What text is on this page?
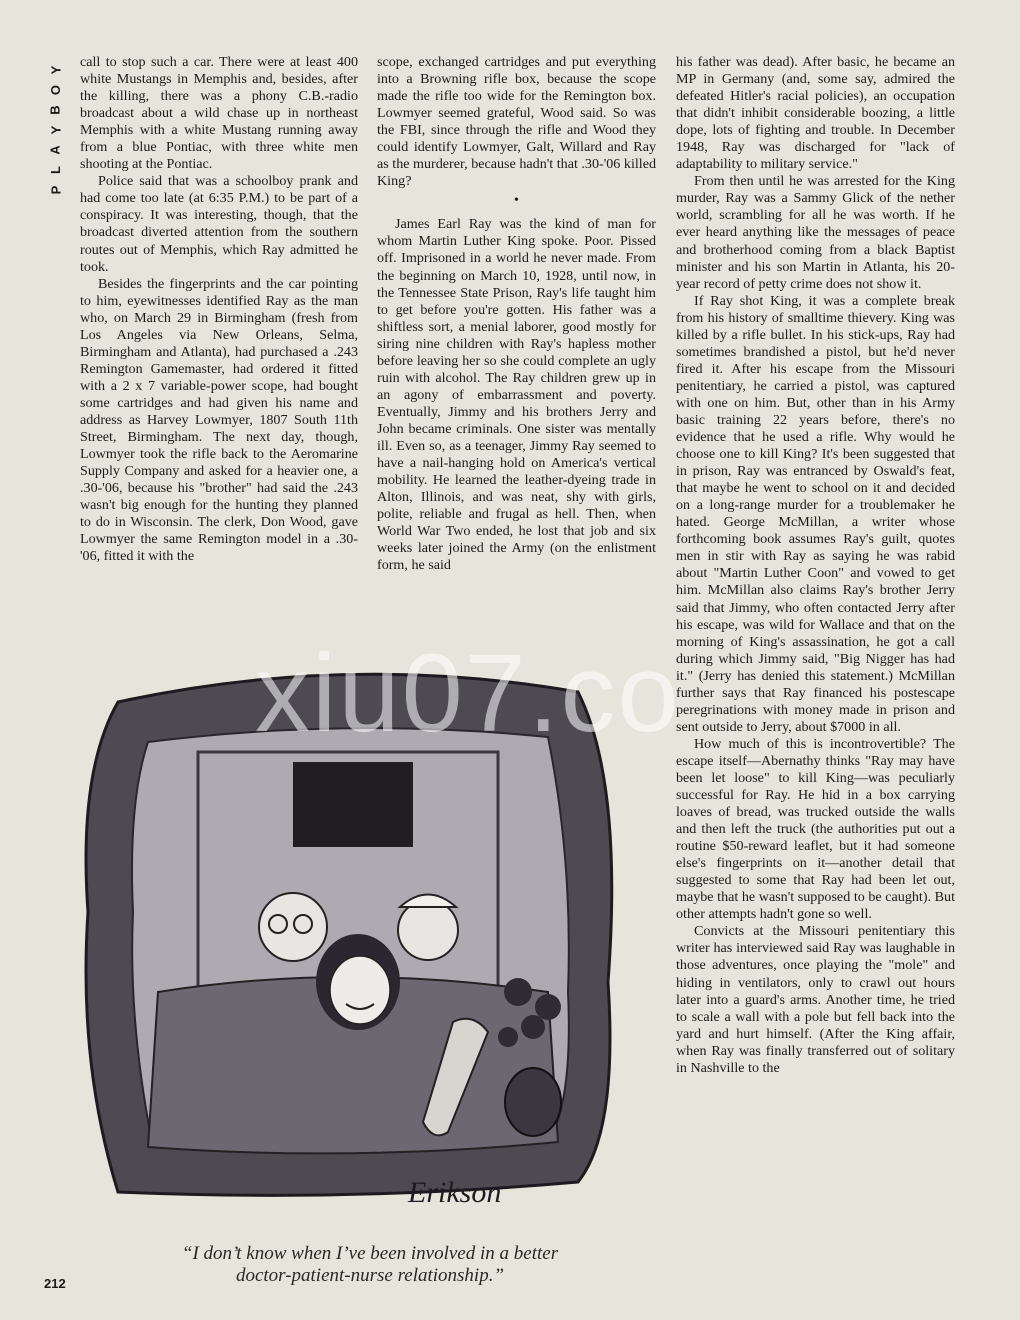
Y
O
B
Y
A
L
P

call to stop such a car. There were at least 400 white Mustangs in Memphis and, besides, after the killing, there was a phony C.B.-radio broadcast about a wild chase up in northeast Memphis with a white Mustang running away from a blue Pontiac, with three white men shooting at the Pontiac.

Police said that was a schoolboy prank and had come too late (at 6:35 P.M.) to be part of a conspiracy. It was interesting, though, that the broadcast diverted attention from the southern routes out of Memphis, which Ray admitted he took.

Besides the fingerprints and the car pointing to him, eyewitnesses identified Ray as the man who, on March 29 in Birmingham (fresh from Los Angeles via New Orleans, Selma, Birmingham and Atlanta), had purchased a .243 Remington Gamemaster, had ordered it fitted with a 2 x 7 variable-power scope, had bought some cartridges and had given his name and address as Harvey Lowmyer, 1807 South 11th Street, Birmingham. The next day, though, Lowmyer took the rifle back to the Aeromarine Supply Company and asked for a heavier one, a .30-'06, because his "brother" had said the .243 wasn't big enough for the hunting they planned to do in Wisconsin. The clerk, Don Wood, gave Lowmyer the same Remington model in a .30-'06, fitted it with the

scope, exchanged cartridges and put everything into a Browning rifle box, because the scope made the rifle too wide for the Remington box. Lowmyer seemed grateful, Wood said. So was the FBI, since through the rifle and Wood they could identify Lowmyer, Galt, Willard and Ray as the murderer, because hadn't that .30-'06 killed King?

•

James Earl Ray was the kind of man for whom Martin Luther King spoke. Poor. Pissed off. Imprisoned in a world he never made. From the beginning on March 10, 1928, until now, in the Tennessee State Prison, Ray's life taught him to get before you're gotten. His father was a shiftless sort, a menial laborer, good mostly for siring nine children with Ray's hapless mother before leaving her so she could complete an ugly ruin with alcohol. The Ray children grew up in an agony of embarrassment and poverty. Eventually, Jimmy and his brothers Jerry and John became criminals. One sister was mentally ill. Even so, as a teenager, Jimmy Ray seemed to have a nail-hanging hold on America's vertical mobility. He learned the leather-dyeing trade in Alton, Illinois, and was neat, shy with girls, polite, reliable and frugal as hell. Then, when World War Two ended, he lost that job and six weeks later joined the Army (on the enlistment form, he said

his father was dead). After basic, he became an MP in Germany (and, some say, admired the defeated Hitler's racial policies), an occupation that didn't inhibit considerable boozing, a little dope, lots of fighting and trouble. In December 1948, Ray was discharged for "lack of adaptability to military service."

From then until he was arrested for the King murder, Ray was a Sammy Glick of the nether world, scrambling for all he was worth. If he ever heard anything like the messages of peace and brotherhood coming from a black Baptist minister and his son Martin in Atlanta, his 20-year record of petty crime does not show it.

If Ray shot King, it was a complete break from his history of smalltime thievery. King was killed by a rifle bullet. In his stick-ups, Ray had sometimes brandished a pistol, but he'd never fired it. After his escape from the Missouri penitentiary, he carried a pistol, was captured with one on him. But, other than in his Army basic training 22 years before, there's no evidence that he used a rifle. Why would he choose one to kill King? It's been suggested that in prison, Ray was entranced by Oswald's feat, that maybe he went to school on it and decided on a long-range murder for a troublemaker he hated. George McMillan, a writer whose forthcoming book assumes Ray's guilt, quotes men in stir with Ray as saying he was rabid about "Martin Luther Coon" and vowed to get him. McMillan also claims Ray's brother Jerry said that Jimmy, who often contacted Jerry after his escape, was wild for Wallace and that on the morning of King's assassination, he got a call during which Jimmy said, "Big Nigger has had it." (Jerry has denied this statement.) McMillan further says that Ray financed his postescape peregrinations with money made in prison and sent outside to Jerry, about $7000 in all.

How much of this is incontrovertible? The escape itself—Abernathy thinks "Ray may have been let loose" to kill King—was peculiarly successful for Ray. He hid in a box carrying loaves of bread, was trucked outside the walls and then left the truck (the authorities put out a routine $50-reward leaflet, but it had someone else's fingerprints on it—another detail that suggested to some that Ray had been let out, maybe that he wasn't supposed to be caught). But other attempts hadn't gone so well.

Convicts at the Missouri penitentiary this writer has interviewed said Ray was laughable in those adventures, once playing the "mole" and hiding in ventilators, only to crawl out hours later into a guard's arms. Another time, he tried to scale a wall with a pole but fell back into the yard and hurt himself. (After the King affair, when Ray was finally transferred out of solitary in Nashville to the

Erikson
“I don’t know when I’ve been involved in a better
doctor-patient-nurse relationship.”
212
xiu07.co
